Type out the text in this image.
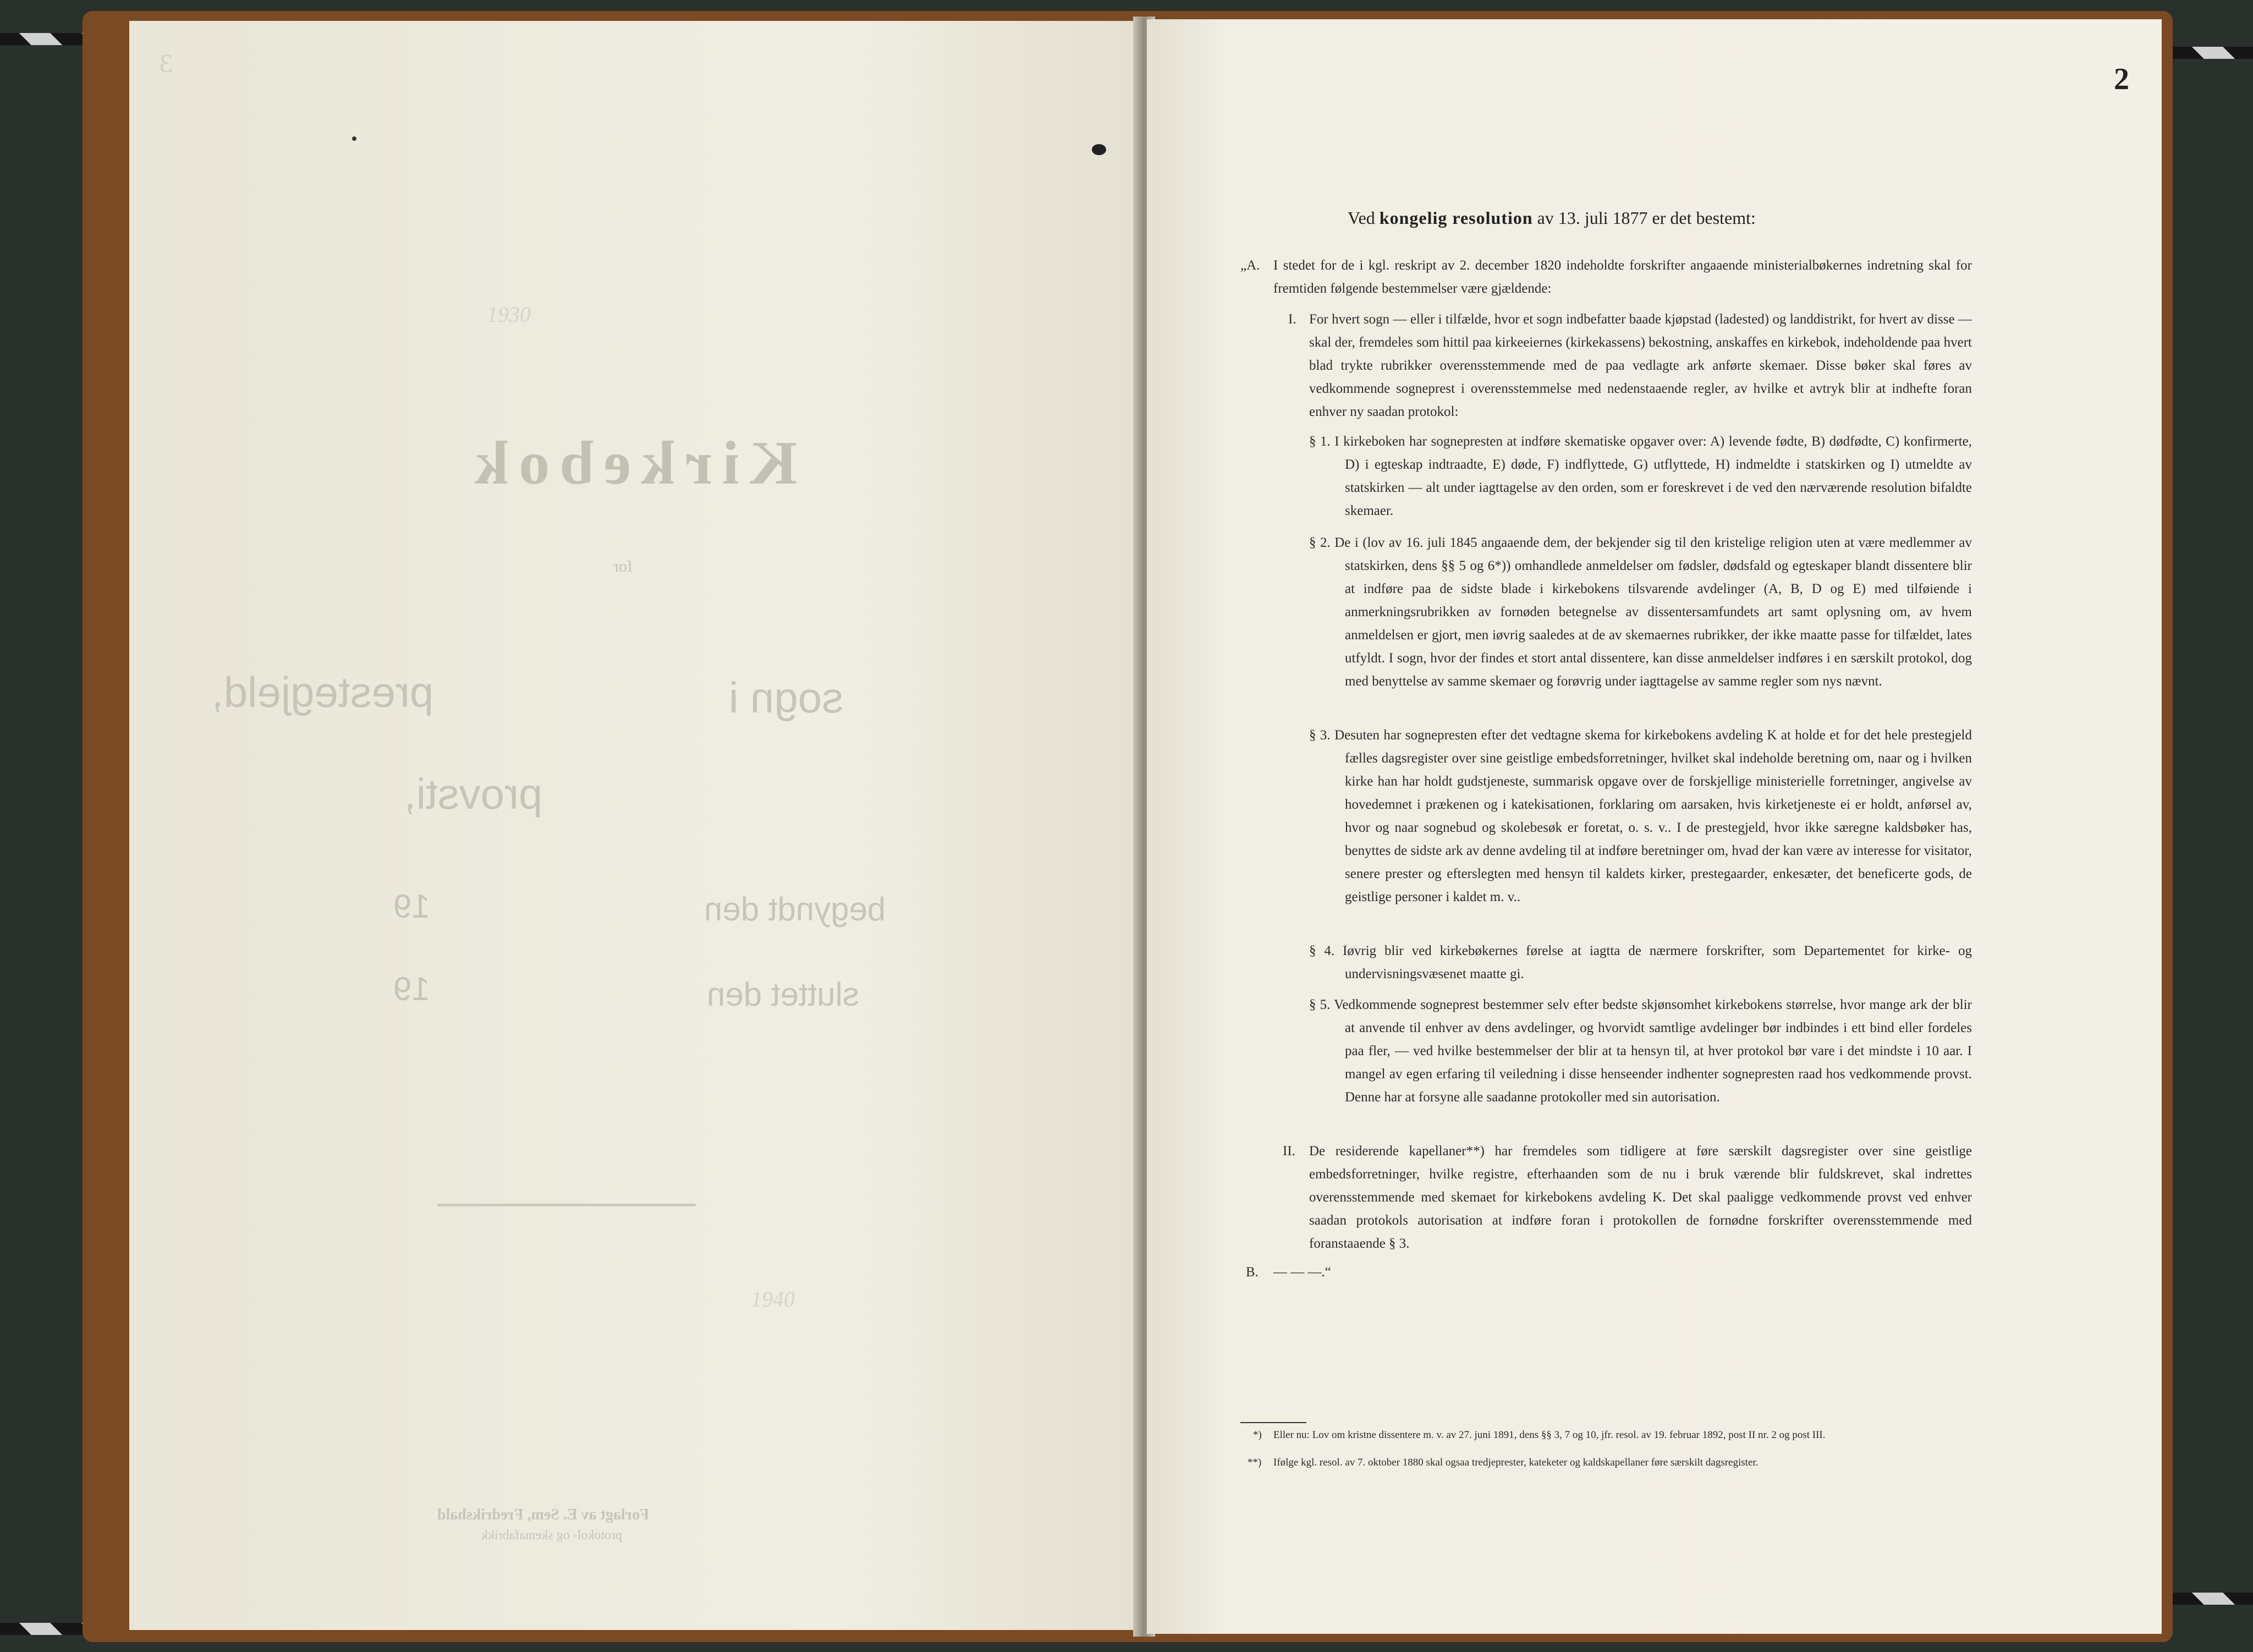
3
1930
Kirkebok
for
prestegjeld,	sogn i
provsti,
19	begyndt den
19	sluttet den
1940
Forlagt av E. Sem, Fredrikshald
protokol- og skemafabrikk
2
Ved kongelig resolution av 13. juli 1877 er det bestemt:
„A. I stedet for de i kgl. reskript av 2. december 1820 indeholdte forskrifter angaaende ministerialbøkernes indretning skal for fremtiden følgende bestemmelser være gjældende:
I. For hvert sogn — eller i tilfælde, hvor et sogn indbefatter baade kjøpstad (ladested) og landdistrikt, for hvert av disse — skal der, fremdeles som hittil paa kirkeeiernes (kirkekassens) bekostning, anskaffes en kirkebok, indeholdende paa hvert blad trykte rubrikker overensstemmende med de paa vedlagte ark anførte skemaer. Disse bøker skal føres av vedkommende sogneprest i overensstemmelse med nedenstaaende regler, av hvilke et avtryk blir at indhefte foran enhver ny saadan protokol:
§ 1. I kirkeboken har sognepresten at indføre skematiske opgaver over: A) levende fødte, B) dødfødte, C) konfirmerte, D) i egteskap indtraadte, E) døde, F) indflyttede, G) utflyttede, H) indmeldte i statskirken og I) utmeldte av statskirken — alt under iagttagelse av den orden, som er foreskrevet i de ved den nærværende resolution bifaldte skemaer.
§ 2. De i (lov av 16. juli 1845 angaaende dem, der bekjender sig til den kristelige religion uten at være medlemmer av statskirken, dens §§ 5 og 6*)) omhandlede anmeldelser om fødsler, dødsfald og egteskaper blandt dissentere blir at indføre paa de sidste blade i kirkebokens tilsvarende avdelinger (A, B, D og E) med tilføiende i anmerkningsrubrikken av fornøden betegnelse av dissentersamfundets art samt oplysning om, av hvem anmeldelsen er gjort, men iøvrig saaledes at de av skemaernes rubrikker, der ikke maatte passe for tilfældet, lates utfyldt. I sogn, hvor der findes et stort antal dissentere, kan disse anmeldelser indføres i en særskilt protokol, dog med benyttelse av samme skemaer og forøvrig under iagttagelse av samme regler som nys nævnt.
§ 3. Desuten har sognepresten efter det vedtagne skema for kirkebokens avdeling K at holde et for det hele prestegjeld fælles dagsregister over sine geistlige embedsforretninger, hvilket skal indeholde beretning om, naar og i hvilken kirke han har holdt gudstjeneste, summarisk opgave over de forskjellige ministerielle forretninger, angivelse av hovedemnet i prækenen og i katekisationen, forklaring om aarsaken, hvis kirketjeneste ei er holdt, anførsel av, hvor og naar sognebud og skolebesøk er foretat, o. s. v.. I de prestegjeld, hvor ikke særegne kaldsbøker has, benyttes de sidste ark av denne avdeling til at indføre beretninger om, hvad der kan være av interesse for visitator, senere prester og efterslegten med hensyn til kaldets kirker, prestegaarder, enkesæter, det beneficerte gods, de geistlige personer i kaldet m. v..
§ 4. Iøvrig blir ved kirkebøkernes førelse at iagtta de nærmere forskrifter, som Departementet for kirke- og undervisningsvæsenet maatte gi.
§ 5. Vedkommende sogneprest bestemmer selv efter bedste skjønsomhet kirkebokens størrelse, hvor mange ark der blir at anvende til enhver av dens avdelinger, og hvorvidt samtlige avdelinger bør indbindes i ett bind eller fordeles paa fler, — ved hvilke bestemmelser der blir at ta hensyn til, at hver protokol bør vare i det mindste i 10 aar. I mangel av egen erfaring til veiledning i disse henseender indhenter sognepresten raad hos vedkommende provst. Denne har at forsyne alle saadanne protokoller med sin autorisation.
II. De residerende kapellaner**) har fremdeles som tidligere at føre særskilt dagsregister over sine geistlige embedsforretninger, hvilke registre, efterhaanden som de nu i bruk værende blir fuldskrevet, skal indrettes overensstemmende med skemaet for kirkebokens avdeling K. Det skal paaligge vedkommende provst ved enhver saadan protokols autorisation at indføre foran i protokollen de fornødne forskrifter overensstemmende med foranstaaende § 3.
B. — — —.“
*) Eller nu: Lov om kristne dissentere m. v. av 27. juni 1891, dens §§ 3, 7 og 10, jfr. resol. av 19. februar 1892, post II nr. 2 og post III.
**) Ifølge kgl. resol. av 7. oktober 1880 skal ogsaa tredjeprester, kateketer og kaldskapellaner føre særskilt dagsregister.
